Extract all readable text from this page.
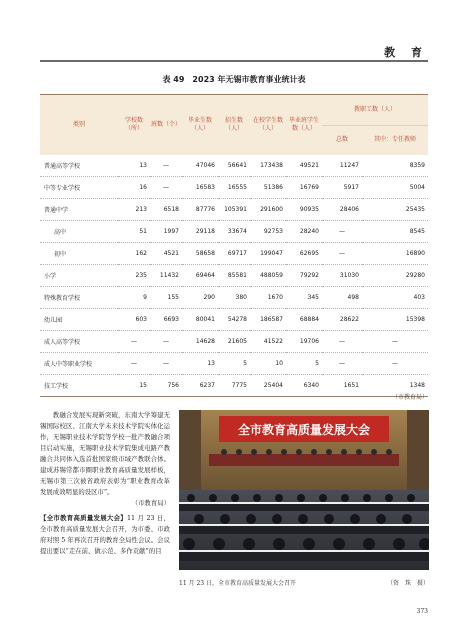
教 育
表 49　2023 年无锡市教育事业统计表
类别	学校数（所）	班数（个）	毕业生数（人）	招生数（人）	在校学生数（人）	毕业班学生数（人）	教职工数（人）	
							总数	其中：专任教师
普通高等学校	13	—	47046	56641	173438	49521	11247	8359
中等专业学校	16	—	16583	16555	51386	16769	5917	5004
普通中学	213	6518	87776	105391	291600	90935	28406	25435
高中	51	1997	29118	33674	92753	28240	—	8545
初中	162	4521	58658	69717	199047	62695	—	16890
小学	235	11432	69464	85581	488059	79292	31030	29280
特殊教育学校	9	155	290	380	1670	345	498	403
幼儿园	603	6693	80041	54278	186587	68884	28622	15398
成人高等学校	—	—	14628	21605	41522	19706	—	—
成人中等职业学校	—	—	13	5	10	5	—	—
技工学校	15	756	6237	7775	25404	6340	1651	1348
（市教育局）

教融合发展实现新突破，东南大学筹建无锡国际校区、江南大学未来技术学院实体化运作，无锡职业技术学院等学校一批产教融合项目启动实施，无锡职业技术学院集成电路产教融合共同体入选首批国家级市域产教联合体。建成苏锡常都市圈职业教育高质量发展样板，无锡市第三次被省政府表彰为“职业教育改革发展成效明显的设区市”。

（市教育局）

【全市教育高质量发展大会】11 月 23 日，全市教育高质量发展大会召开，为市委、市政府对照 5 年再次召开的教育全局性会议。会议提出要以“走在前、做示范、多作贡献”的目

全市教育高质量发展大会
11 月 23 日，全市教育高质量发展大会召开	（资　珠　摄）
373
